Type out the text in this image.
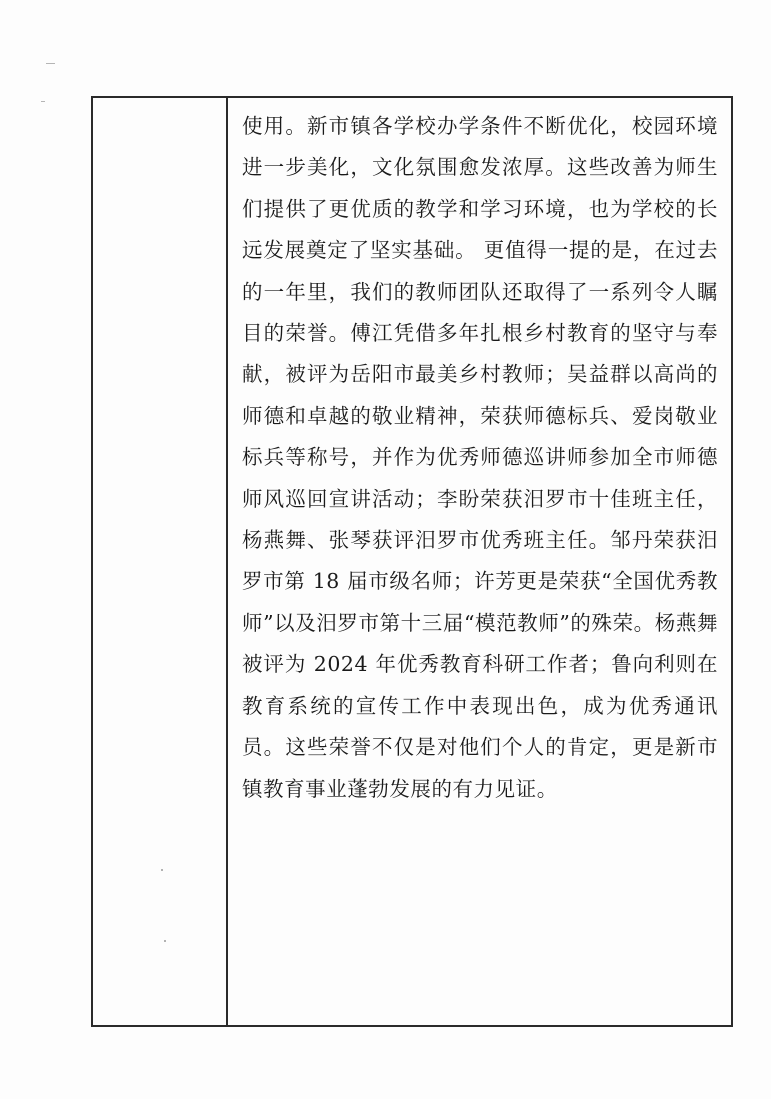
使用。新市镇各学校办学条件不断优化，校园环境进一步美化，文化氛围愈发浓厚。这些改善为师生们提供了更优质的教学和学习环境，也为学校的长远发展奠定了坚实基础。 更值得一提的是，在过去的一年里，我们的教师团队还取得了一系列令人瞩目的荣誉。傅江凭借多年扎根乡村教育的坚守与奉献，被评为岳阳市最美乡村教师；吴益群以高尚的师德和卓越的敬业精神，荣获师德标兵、爱岗敬业标兵等称号，并作为优秀师德巡讲师参加全市师德师风巡回宣讲活动；李盼荣获汨罗市十佳班主任，杨燕舞、张琴获评汨罗市优秀班主任。邹丹荣获汨罗市第 18 届市级名师；许芳更是荣获“全国优秀教师”以及汨罗市第十三届“模范教师”的殊荣。杨燕舞被评为 2024 年优秀教育科研工作者；鲁向利则在教育系统的宣传工作中表现出色，成为优秀通讯员。这些荣誉不仅是对他们个人的肯定，更是新市镇教育事业蓬勃发展的有力见证。
